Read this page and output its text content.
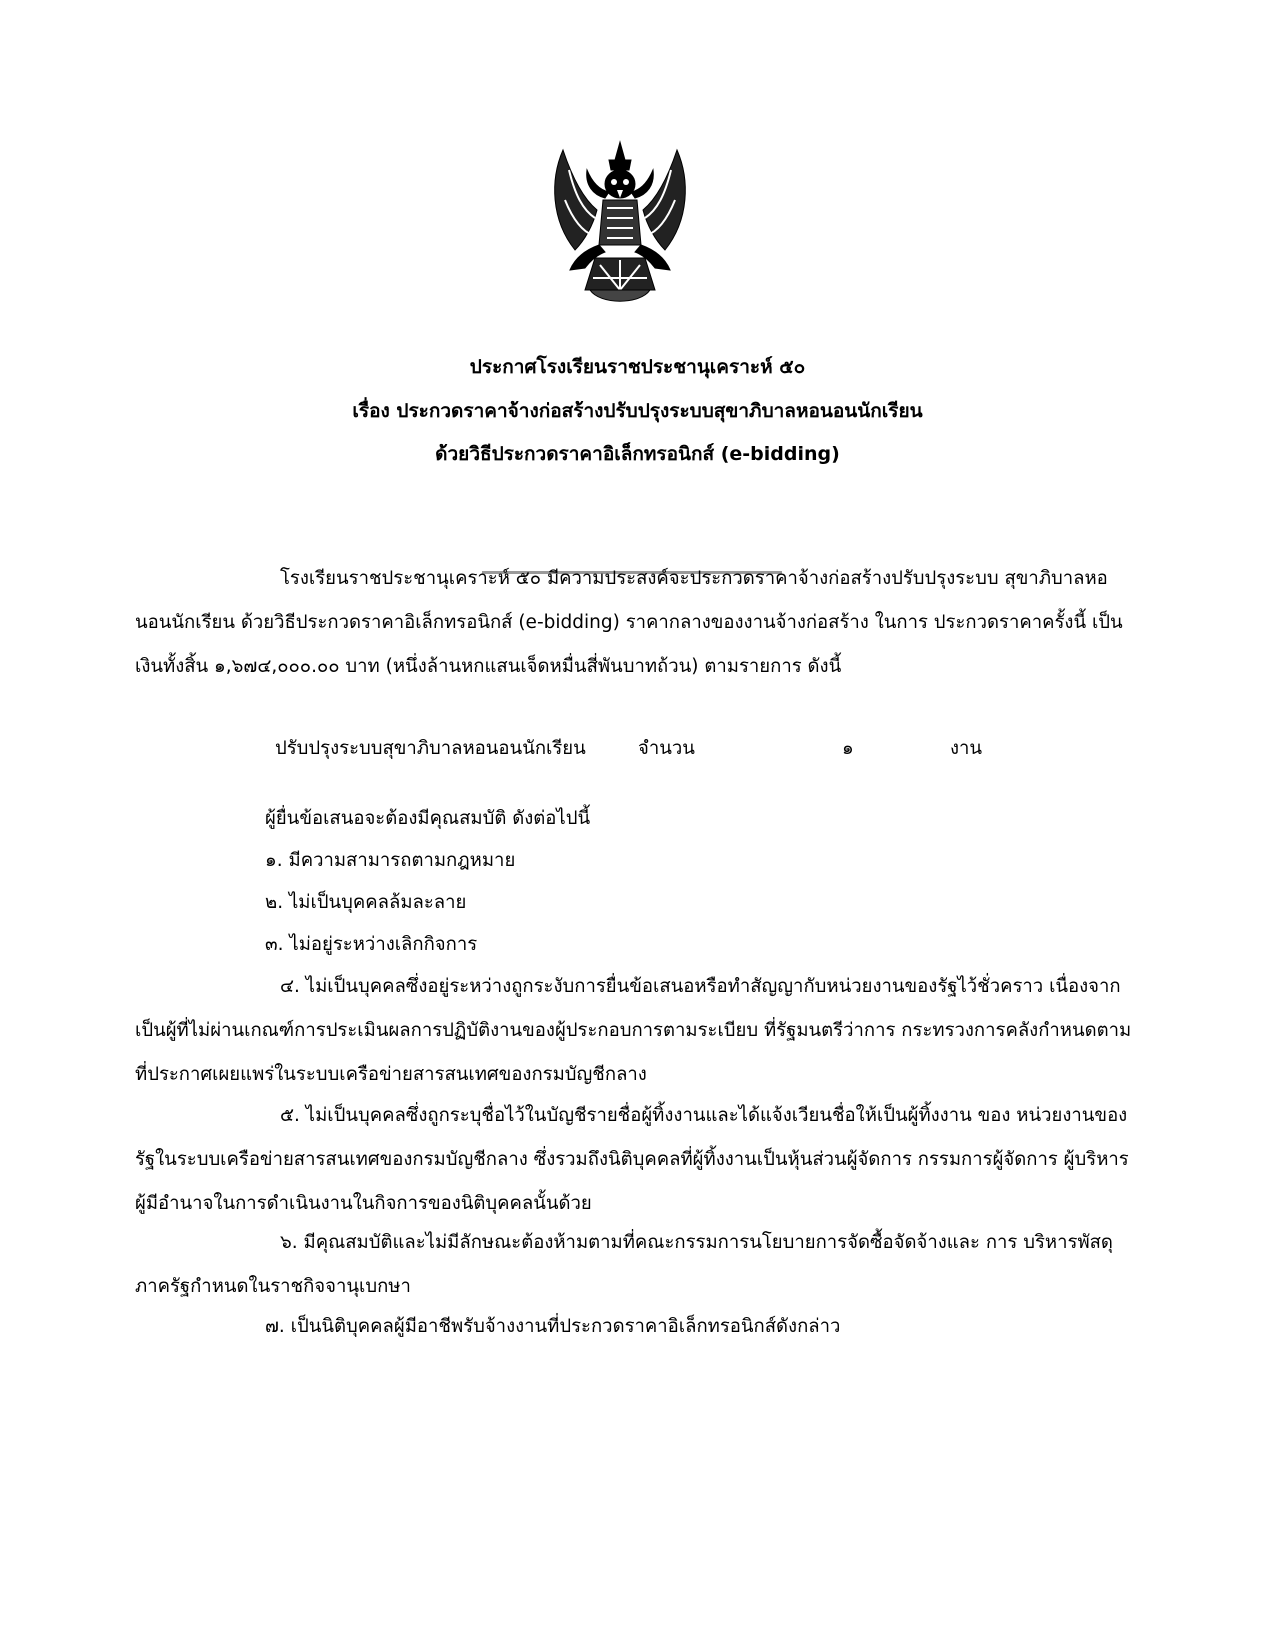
ประกาศโรงเรียนราชประชานุเคราะห์ ๕๐
เรื่อง ประกวดราคาจ้างก่อสร้างปรับปรุงระบบสุขาภิบาลหอนอนนักเรียน
ด้วยวิธีประกวดราคาอิเล็กทรอนิกส์ (e-bidding)

โรงเรียนราชประชานุเคราะห์ ๕๐ มีความประสงค์จะประกวดราคาจ้างก่อสร้างปรับปรุงระบบ สุขาภิบาลหอนอนนักเรียน ด้วยวิธีประกวดราคาอิเล็กทรอนิกส์ (e-bidding) ราคากลางของงานจ้างก่อสร้าง ในการ ประกวดราคาครั้งนี้ เป็นเงินทั้งสิ้น ๑,๖๗๔,๐๐๐.๐๐ บาท (หนึ่งล้านหกแสนเจ็ดหมื่นสี่พันบาทถ้วน) ตามรายการ ดังนี้

ปรับปรุงระบบสุขาภิบาลหอนอนนักเรียน	จำนวน	๑	งาน
ผู้ยื่นข้อเสนอจะต้องมีคุณสมบัติ ดังต่อไปนี้
๑. มีความสามารถตามกฎหมาย
๒. ไม่เป็นบุคคลล้มละลาย
๓. ไม่อยู่ระหว่างเลิกกิจการ

๔. ไม่เป็นบุคคลซึ่งอยู่ระหว่างถูกระงับการยื่นข้อเสนอหรือทำสัญญากับหน่วยงานของรัฐไว้ชั่วคราว เนื่องจากเป็นผู้ที่ไม่ผ่านเกณฑ์การประเมินผลการปฏิบัติงานของผู้ประกอบการตามระเบียบ ที่รัฐมนตรีว่าการ กระทรวงการคลังกำหนดตามที่ประกาศเผยแพร่ในระบบเครือข่ายสารสนเทศของกรมบัญชีกลาง

๕. ไม่เป็นบุคคลซึ่งถูกระบุชื่อไว้ในบัญชีรายชื่อผู้ทิ้งงานและได้แจ้งเวียนชื่อให้เป็นผู้ทิ้งงาน ของ หน่วยงานของรัฐในระบบเครือข่ายสารสนเทศของกรมบัญชีกลาง ซึ่งรวมถึงนิติบุคคลที่ผู้ทิ้งงานเป็นหุ้นส่วนผู้จัดการ กรรมการผู้จัดการ ผู้บริหาร ผู้มีอำนาจในการดำเนินงานในกิจการของนิติบุคคลนั้นด้วย

๖. มีคุณสมบัติและไม่มีลักษณะต้องห้ามตามที่คณะกรรมการนโยบายการจัดซื้อจัดจ้างและ การ บริหารพัสดุภาครัฐกำหนดในราชกิจจานุเบกษา

๗. เป็นนิติบุคคลผู้มีอาชีพรับจ้างงานที่ประกวดราคาอิเล็กทรอนิกส์ดังกล่าว
